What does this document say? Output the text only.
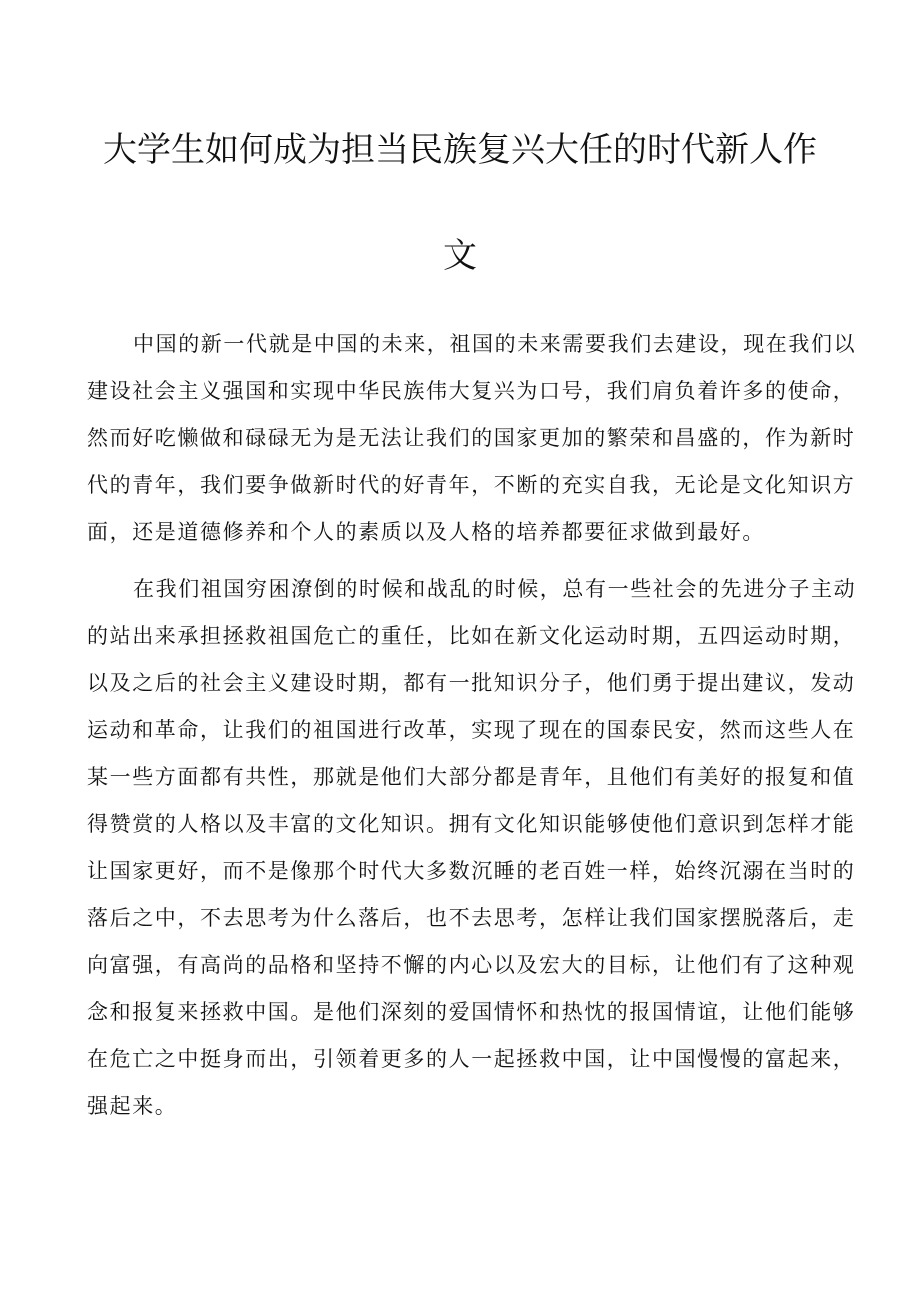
大学生如何成为担当民族复兴大任的时代新人作
文
中国的新一代就是中国的未来，祖国的未来需要我们去建设，现在我们以
建设社会主义强国和实现中华民族伟大复兴为口号，我们肩负着许多的使命，
然而好吃懒做和碌碌无为是无法让我们的国家更加的繁荣和昌盛的，作为新时
代的青年，我们要争做新时代的好青年，不断的充实自我，无论是文化知识方
面，还是道德修养和个人的素质以及人格的培养都要征求做到最好。
在我们祖国穷困潦倒的时候和战乱的时候，总有一些社会的先进分子主动
的站出来承担拯救祖国危亡的重任，比如在新文化运动时期，五四运动时期，
以及之后的社会主义建设时期，都有一批知识分子，他们勇于提出建议，发动
运动和革命，让我们的祖国进行改革，实现了现在的国泰民安，然而这些人在
某一些方面都有共性，那就是他们大部分都是青年，且他们有美好的报复和值
得赞赏的人格以及丰富的文化知识。拥有文化知识能够使他们意识到怎样才能
让国家更好，而不是像那个时代大多数沉睡的老百姓一样，始终沉溺在当时的
落后之中，不去思考为什么落后，也不去思考，怎样让我们国家摆脱落后，走
向富强，有高尚的品格和坚持不懈的内心以及宏大的目标，让他们有了这种观
念和报复来拯救中国。是他们深刻的爱国情怀和热忱的报国情谊，让他们能够
在危亡之中挺身而出，引领着更多的人一起拯救中国，让中国慢慢的富起来，
强起来。
